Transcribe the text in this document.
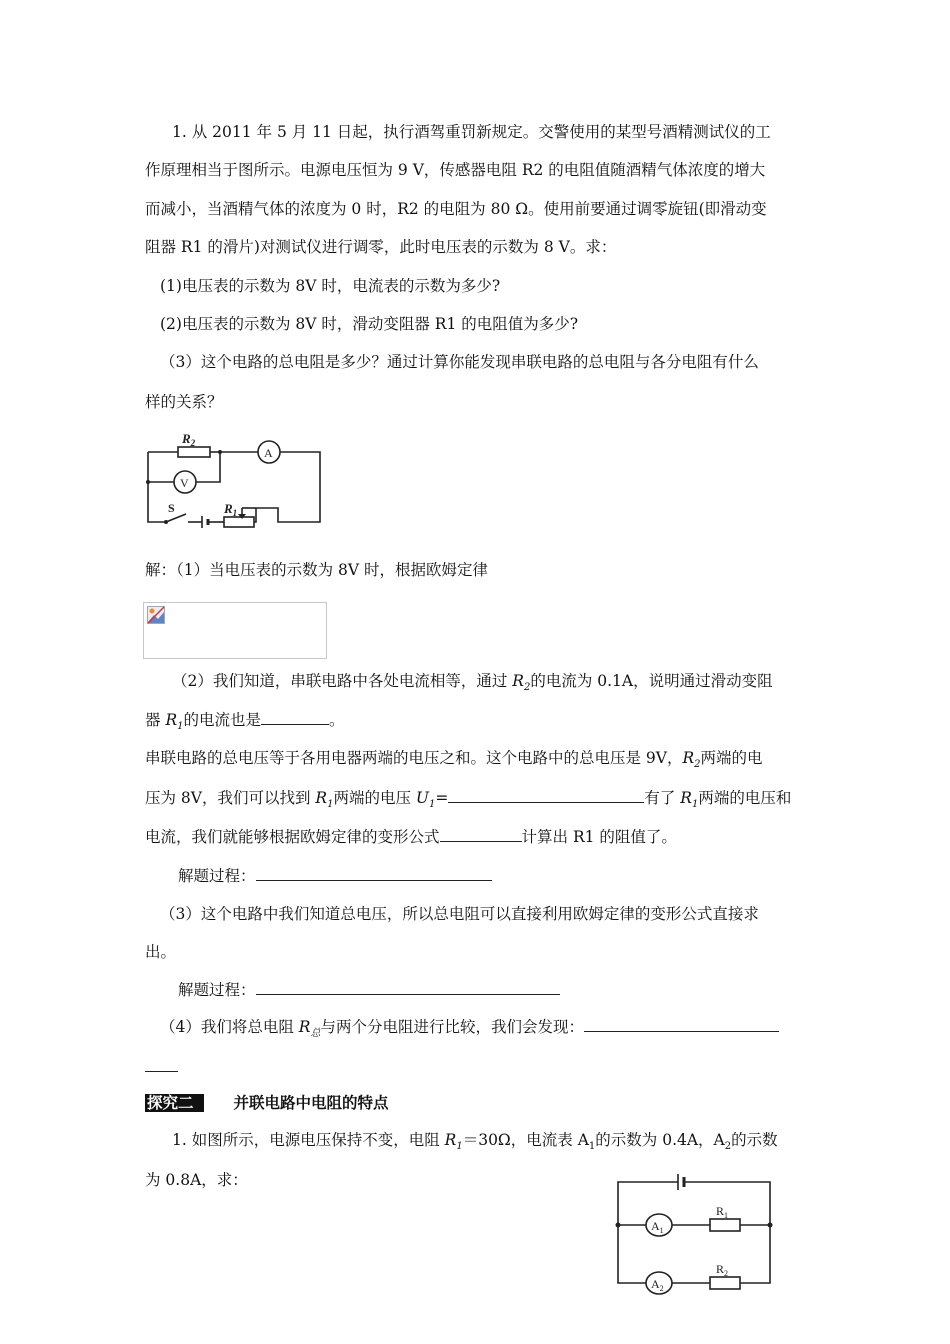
1. 从 2011 年 5 月 11 日起，执行酒驾重罚新规定。交警使用的某型号酒精测试仪的工
作原理相当于图所示。电源电压恒为 9 V，传感器电阻 R2 的电阻值随酒精气体浓度的增大
而减小，当酒精气体的浓度为 0 时，R2 的电阻为 80 Ω。使用前要通过调零旋钮(即滑动变
阻器 R1 的滑片)对测试仪进行调零，此时电压表的示数为 8 V。求：
(1)电压表的示数为 8V 时，电流表的示数为多少?
(2)电压表的示数为 8V 时，滑动变阻器 R1 的电阻值为多少?
（3）这个电路的总电阻是多少？通过计算你能发现串联电路的总电阻与各分电阻有什么
样的关系？
$R_2$
A
V
S	$R_1$
解：（1）当电压表的示数为 8V 时，根据欧姆定律
（2）我们知道，串联电路中各处电流相等，通过 $R_2$的电流为 0.1A，说明通过滑动变阻
器 $R_1$的电流也是	。
串联电路的总电压等于各用电器两端的电压之和。这个电路中的总电压是 9V，$R_2$两端的电
压为 8V，我们可以找到 $R_1$两端的电压 $U_1=$	有了 $R_1$两端的电压和
电流，我们就能够根据欧姆定律的变形公式	计算出 R1 的阻值了。
解题过程：
（3）这个电路中我们知道总电压，所以总电阻可以直接利用欧姆定律的变形公式直接求
出。
解题过程：
（4）我们将总电阻 $R_总$与两个分电阻进行比较，我们会发现：
探究二	并联电路中电阻的特点
1. 如图所示，电源电压保持不变，电阻 $R_1=30\Omega$，电流表 $A_1$的示数为 0.4A，$A_2$的示数
为 0.8A，求：
$A_1$
$A_2$
$R_1$
$R_2$
